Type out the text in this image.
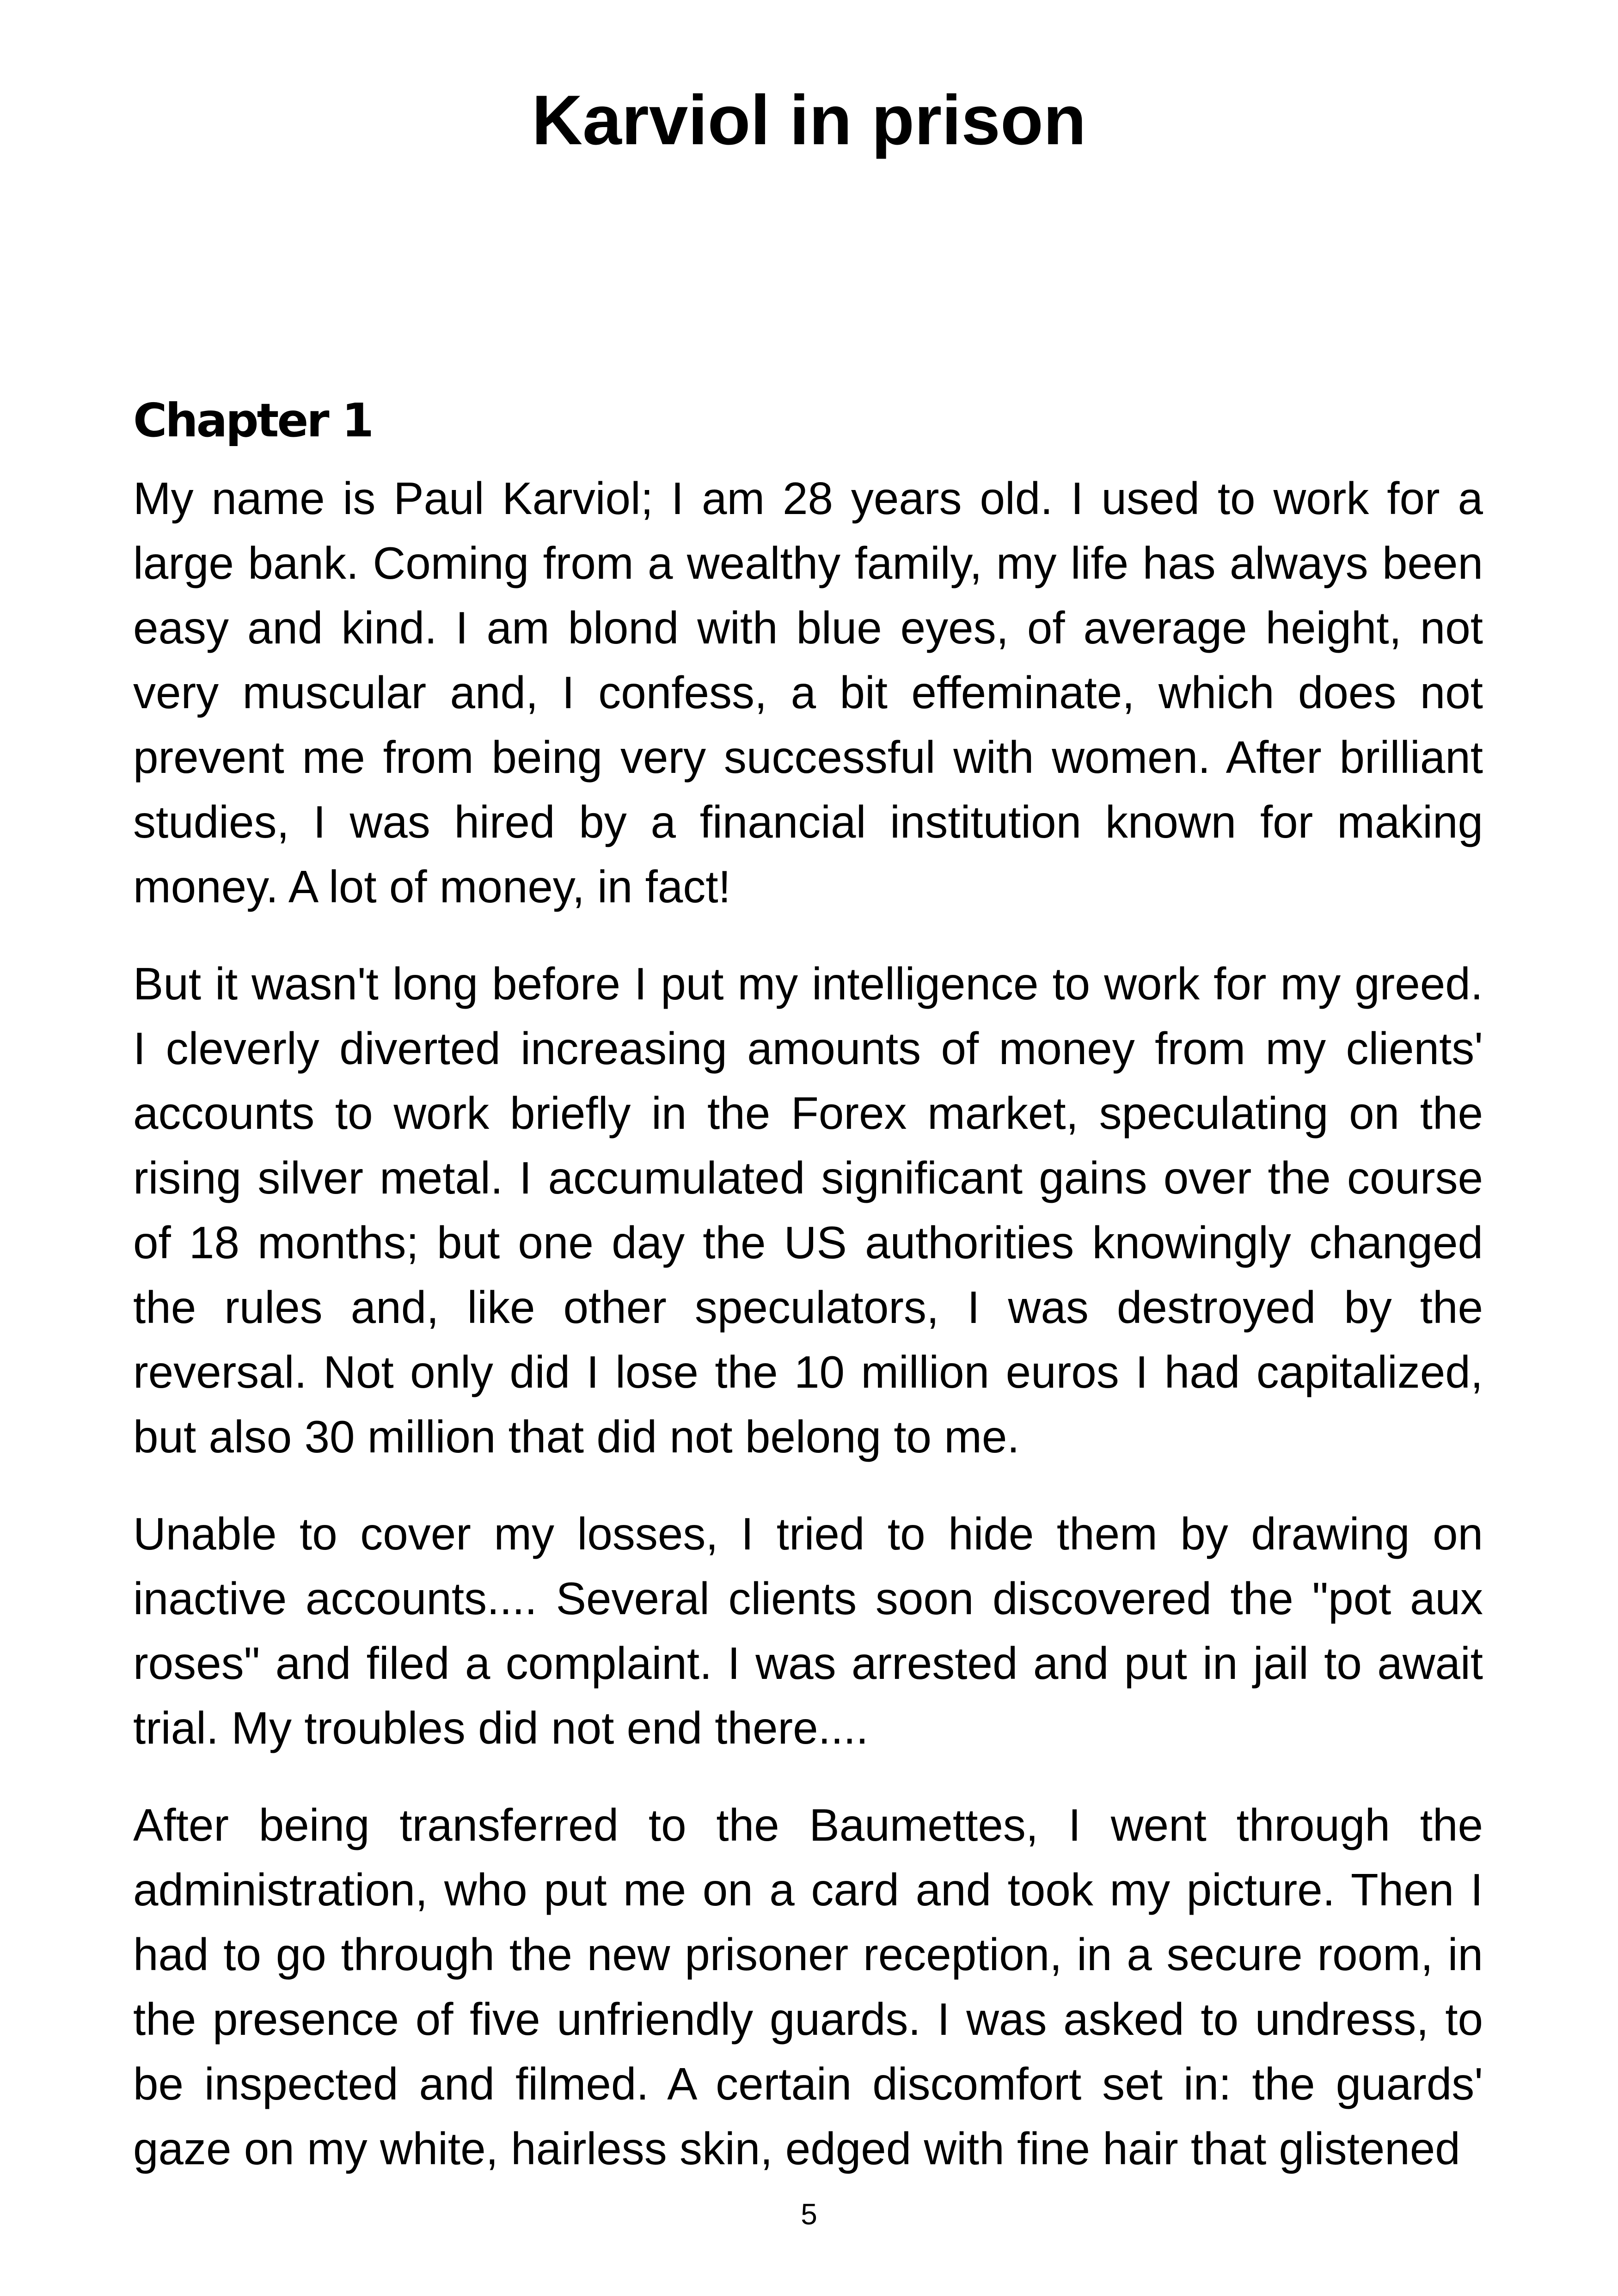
Karviol in prison
Chapter 1

My name is Paul Karviol; I am 28 years old. I used to work for a large bank. Coming from a wealthy family, my life has always been easy and kind. I am blond with blue eyes, of average height, not very muscular and, I confess, a bit effeminate, which does not prevent me from being very successful with women. After brilliant studies, I was hired by a financial institution known for making money. A lot of money, in fact!

But it wasn't long before I put my intelligence to work for my greed. I cleverly diverted increasing amounts of money from my clients' accounts to work briefly in the Forex market, speculating on the rising silver metal. I accumulated significant gains over the course of 18 months; but one day the US authorities knowingly changed the rules and, like other speculators, I was destroyed by the reversal. Not only did I lose the 10 million euros I had capitalized, but also 30 million that did not belong to me.

Unable to cover my losses, I tried to hide them by drawing on inactive accounts.... Several clients soon discovered the "pot aux roses" and filed a complaint. I was arrested and put in jail to await trial. My troubles did not end there....

After being transferred to the Baumettes, I went through the administration, who put me on a card and took my picture. Then I had to go through the new prisoner reception, in a secure room, in the presence of five unfriendly guards. I was asked to undress, to be inspected and filmed. A certain discomfort set in: the guards' gaze on my white, hairless skin, edged with fine hair that glistened

5
